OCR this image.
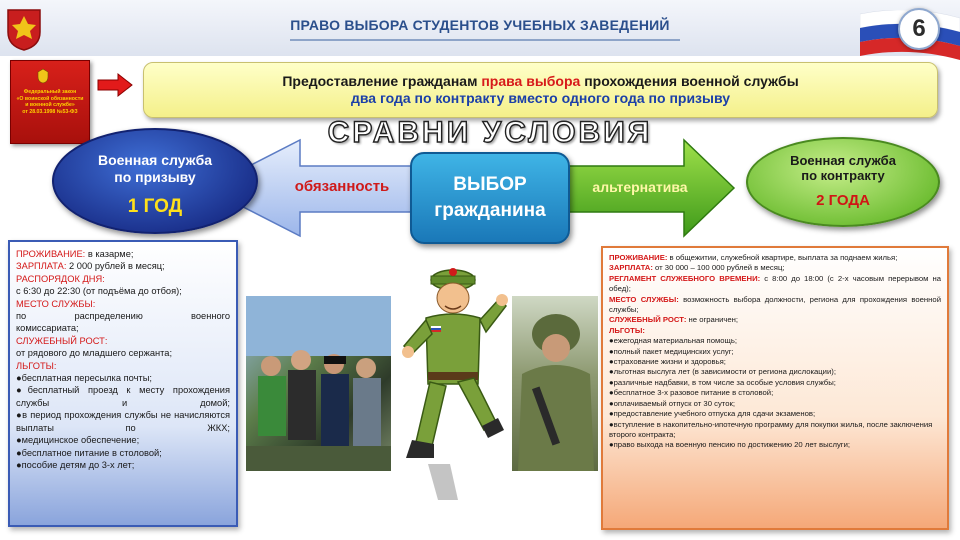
ПРАВО ВЫБОРА СТУДЕНТОВ УЧЕБНЫХ ЗАВЕДЕНИЙ	6
Федеральный закон
«О воинской обязанности
и военной службе»
от 28.03.1998 №53-ФЗ
Предоставление гражданам права выбора прохождения военной службы
два года по контракту вместо одного года по призыву
обязанность	альтернатива
СРАВНИ УСЛОВИЯ
ВЫБОР
гражданина
Военная служба
по призыву
1 ГОД
Военная служба
по контракту
2 ГОДА
ПРОЖИВАНИЕ: в казарме;
ЗАРПЛАТА: 2 000 рублей в месяц;
РАСПОРЯДОК ДНЯ:
с 6:30 до 22:30 (от подъёма до отбоя);
МЕСТО СЛУЖБЫ:
по распределению военного
комиссариата;
СЛУЖЕБНЫЙ РОСТ:
от рядового до младшего сержанта;
ЛЬГОТЫ:
●бесплатная пересылка почты;
●бесплатный проезд к месту прохождения службы и домой;
●в период прохождения службы не начисляются выплаты по ЖКХ;
●медицинское обеспечение;
●бесплатное питание в столовой;
●пособие детям до 3-х лет;
ПРОЖИВАНИЕ: в общежитии, служебной квартире, выплата за поднаем жилья;
ЗАРПЛАТА: от 30 000 – 100 000 рублей в месяц;
РЕГЛАМЕНТ СЛУЖЕБНОГО ВРЕМЕНИ: с 8:00 до 18:00 (с 2-х часовым перерывом на обед);
МЕСТО СЛУЖБЫ: возможность выбора должности, региона для прохождения военной службы;
СЛУЖЕБНЫЙ РОСТ: не ограничен;
ЛЬГОТЫ:
●ежегодная материальная помощь;
●полный пакет медицинских услуг;
●страхование жизни и здоровья;
●льготная выслуга лет (в зависимости от региона дислокации);
●различные надбавки, в том числе за особые условия службы;
●бесплатное 3-х разовое питание в столовой;
●оплачиваемый отпуск от 30 суток;
●предоставление учебного отпуска для сдачи экзаменов;
●вступление в накопительно-ипотечную программу для покупки жилья, после заключения второго контракта;
●право выхода на военную пенсию по достижению 20 лет выслуги;
